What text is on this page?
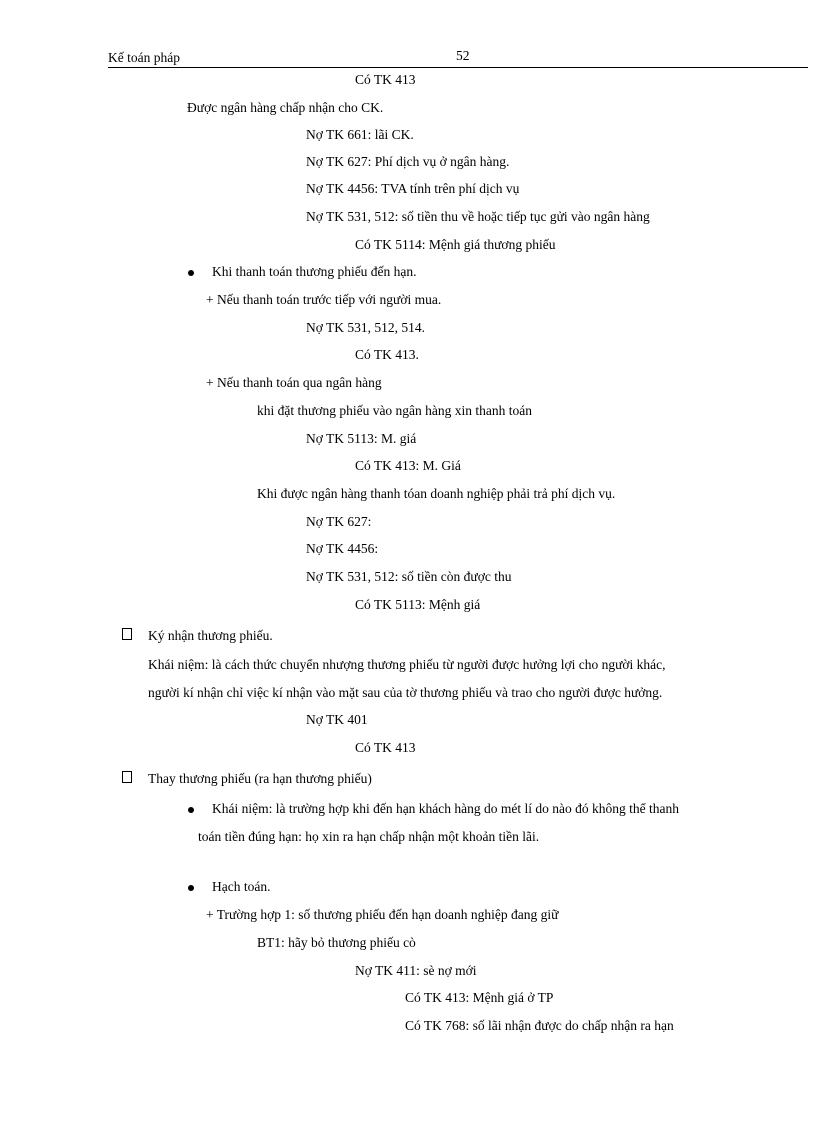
Kế toán pháp	52
Có TK 413
Được ngân hàng chấp nhận cho CK.
Nợ TK 661: lãi CK.
Nợ TK 627: Phí dịch vụ ở ngân hàng.
Nợ TK 4456: TVA tính trên phí dịch vụ
Nợ TK 531, 512: số tiền thu về hoặc tiếp tục gửi vào ngân hàng
Có TK 5114: Mệnh giá thương phiếu
Khi thanh toán thương phiếu đến hạn.
+ Nếu thanh toán trước tiếp với người mua.
Nợ TK 531, 512, 514.
Có TK 413.
+ Nếu thanh toán qua ngân hàng
khi đặt thương phiếu vào ngân hàng xin thanh toán
Nợ TK 5113: M. giá
Có TK 413: M. Giá
Khi được ngân hàng thanh tóan doanh nghiệp phải trả phí dịch vụ.
Nợ TK 627:
Nợ TK 4456:
Nợ TK 531, 512: số tiền còn được thu
Có TK 5113: Mệnh giá
Ký nhận thương phiếu.
Khái niệm: là cách thức chuyển nhượng thương phiếu từ người được hưởng lợi cho người khác,
người kí nhận chỉ việc kí nhận vào mặt sau của tờ thương phiếu và trao cho người được hưởng.
Nợ TK 401
Có TK 413
Thay thương phiếu (ra hạn thương phiếu)
Khái niệm: là trường hợp khi đến hạn khách hàng do mét lí do nào đó không thể thanh
toán tiền đúng hạn: họ xin ra hạn chấp nhận một khoản tiền lãi.
Hạch toán.
+ Trường hợp 1: số thương phiếu đến hạn doanh nghiệp đang giữ
BT1: hãy bỏ thương phiếu cò
Nợ TK 411: sè nợ mới
Có TK 413: Mệnh giá ở TP
Có TK 768: số lãi nhận được do chấp nhận ra hạn
